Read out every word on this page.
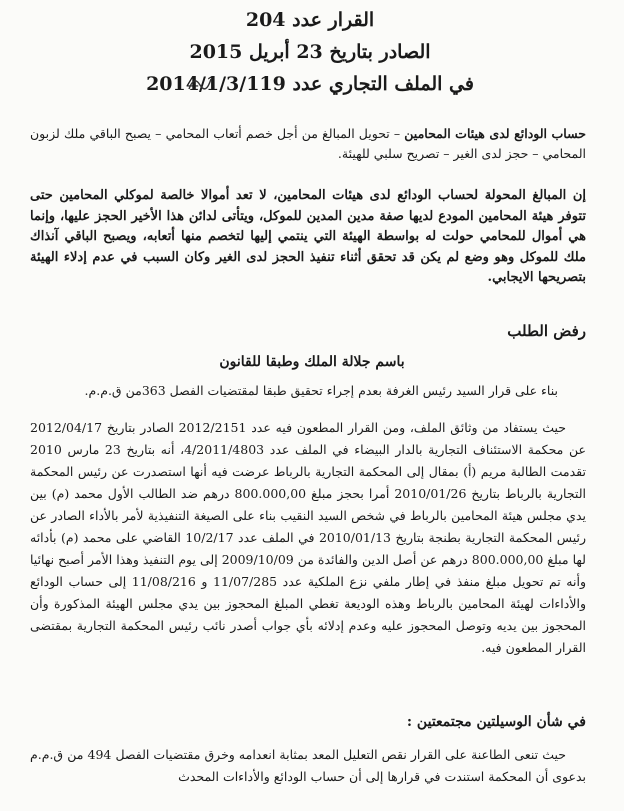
القرار عدد 204
الصادر بتاريخ 23 أبريل 2015
في الملف التجاري عدد 2014/1/3/119
حساب الودائع لدى هيئات المحامين – تحويل المبالغ من أجل خصم أتعاب المحامي – يصبح الباقي ملك لزبون المحامي – حجز لدى الغير – تصريح سلبي للهيئة.
إن المبالغ المحولة لحساب الودائع لدى هيئات المحامين، لا تعد أموالا خالصة لموكلي المحامين حتى تتوفر هيئة المحامين المودع لديها صفة مدين المدين للموكل، ويتأتى لدائن هذا الأخير الحجز عليها، وإنما هي أموال للمحامي حولت له بواسطة الهيئة التي ينتمي إليها لتخصم منها أتعابه، ويصبح الباقي آنذاك ملك للموكل وهو وضع لم يكن قد تحقق أثناء تنفيذ الحجز لدى الغير وكان السبب في عدم إدلاء الهيئة بتصريحها الايجابي.
رفض الطلب
باسم جلالة الملك وطبقا للقانون
بناء على قرار السيد رئيس الغرفة بعدم إجراء تحقيق طبقا لمقتضيات الفصل 363من ق.م.م.
حيث يستفاد من وثائق الملف، ومن القرار المطعون فيه عدد 2012/2151 الصادر بتاريخ 2012/04/17 عن محكمة الاستئناف التجارية بالدار البيضاء في الملف عدد 4/2011/4803، أنه بتاريخ 23 مارس 2010 تقدمت الطالبة مريم (أ) بمقال إلى المحكمة التجارية بالرباط عرضت فيه أنها استصدرت عن رئيس المحكمة التجارية بالرباط بتاريخ 2010/01/26 أمرا بحجز مبلغ 800.000,00 درهم ضد الطالب الأول محمد (م) بين يدي مجلس هيئة المحامين بالرباط في شخص السيد النقيب بناء على الصيغة التنفيذية لأمر بالأداء الصادر عن رئيس المحكمة التجارية بطنجة بتاريخ 2010/01/13 في الملف عدد 10/2/17 القاضي على محمد (م) بأدائه لها مبلغ 800.000,00 درهم عن أصل الدين والفائدة من 2009/10/09 إلى يوم التنفيذ وهذا الأمر أصبح نهائيا وأنه تم تحويل مبلغ منفذ في إطار ملفي نزع الملكية عدد 11/07/285 و 11/08/216 إلى حساب الودائع والأداءات لهيئة المحامين بالرباط وهذه الوديعة تغطي المبلغ المحجوز بين يدي مجلس الهيئة المذكورة وأن المحجوز بين يديه وتوصل المحجوز عليه وعدم إدلائه بأي جواب أصدر نائب رئيس المحكمة التجارية بمقتضى القرار المطعون فيه.
في شأن الوسيلتين مجتمعتين :
حيث تنعى الطاعنة على القرار نقص التعليل المعد بمثابة انعدامه وخرق مقتضيات الفصل 494 من ق.م.م بدعوى أن المحكمة استندت في قرارها إلى أن حساب الودائع والأداءات المحدث
